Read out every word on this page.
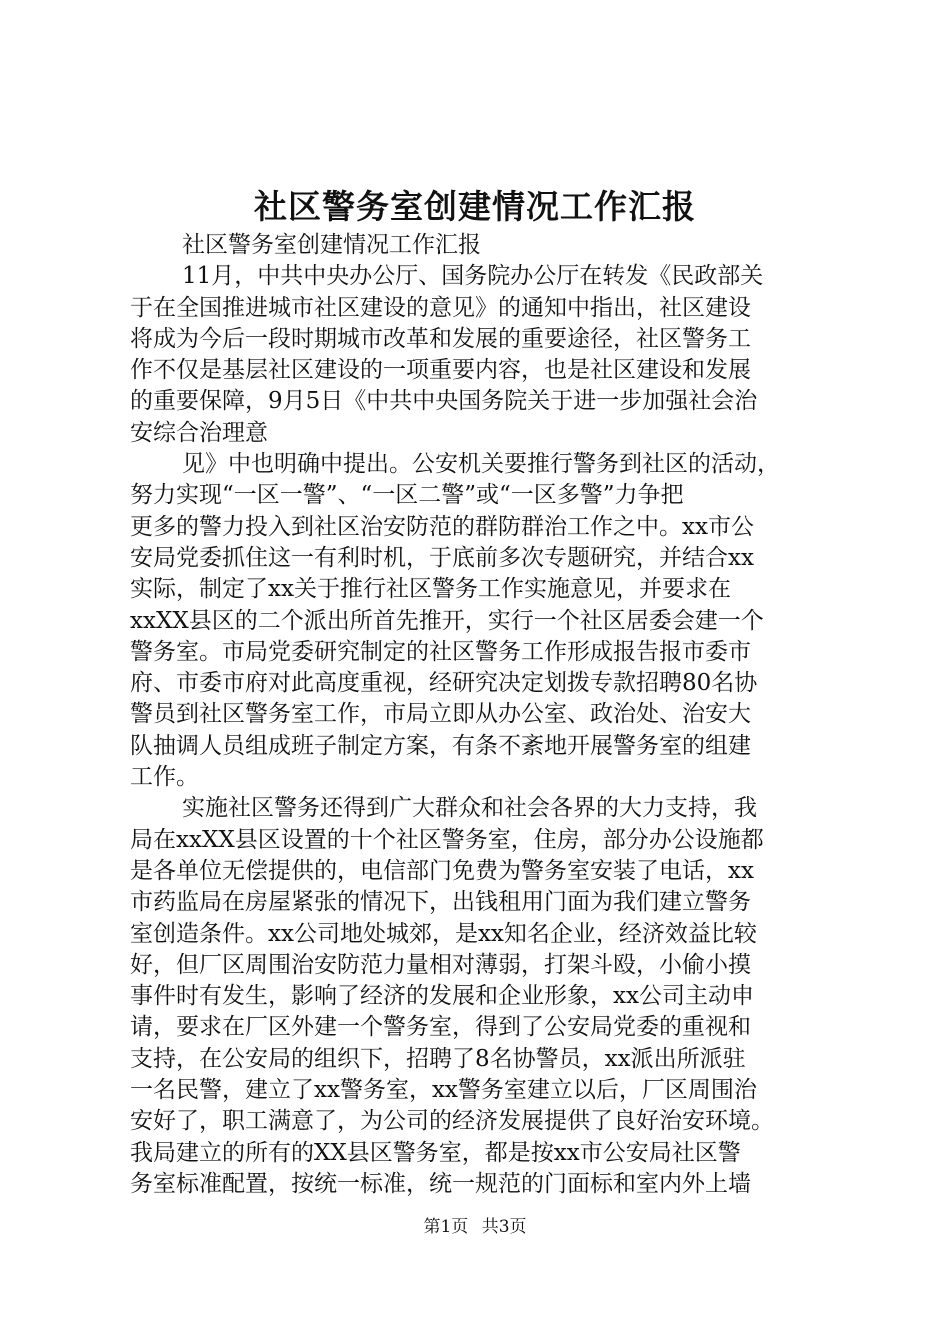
社区警务室创建情况工作汇报
社区警务室创建情况工作汇报
11月，中共中央办公厅、国务院办公厅在转发《民政部关
于在全国推进城市社区建设的意见》的通知中指出，社区建设
将成为今后一段时期城市改革和发展的重要途径，社区警务工
作不仅是基层社区建设的一项重要内容，也是社区建设和发展
的重要保障，9月5日《中共中央国务院关于进一步加强社会治
安综合治理意
见》中也明确中提出。公安机关要推行警务到社区的活动，
努力实现“一区一警”、“一区二警”或“一区多警”力争把
更多的警力投入到社区治安防范的群防群治工作之中。xx市公
安局党委抓住这一有利时机，于底前多次专题研究，并结合xx
实际，制定了xx关于推行社区警务工作实施意见，并要求在
xxXX县区的二个派出所首先推开，实行一个社区居委会建一个
警务室。市局党委研究制定的社区警务工作形成报告报市委市
府、市委市府对此高度重视，经研究决定划拨专款招聘80名协
警员到社区警务室工作，市局立即从办公室、政治处、治安大
队抽调人员组成班子制定方案，有条不紊地开展警务室的组建
工作。
实施社区警务还得到广大群众和社会各界的大力支持，我
局在xxXX县区设置的十个社区警务室，住房，部分办公设施都
是各单位无偿提供的，电信部门免费为警务室安装了电话，xx
市药监局在房屋紧张的情况下，出钱租用门面为我们建立警务
室创造条件。xx公司地处城郊，是xx知名企业，经济效益比较
好，但厂区周围治安防范力量相对薄弱，打架斗殴，小偷小摸
事件时有发生，影响了经济的发展和企业形象，xx公司主动申
请，要求在厂区外建一个警务室，得到了公安局党委的重视和
支持，在公安局的组织下，招聘了8名协警员，xx派出所派驻
一名民警，建立了xx警务室，xx警务室建立以后，厂区周围治
安好了，职工满意了，为公司的经济发展提供了良好治安环境。
我局建立的所有的XX县区警务室，都是按xx市公安局社区警
务室标准配置，按统一标准，统一规范的门面标和室内外上墙
第1页 共3页
